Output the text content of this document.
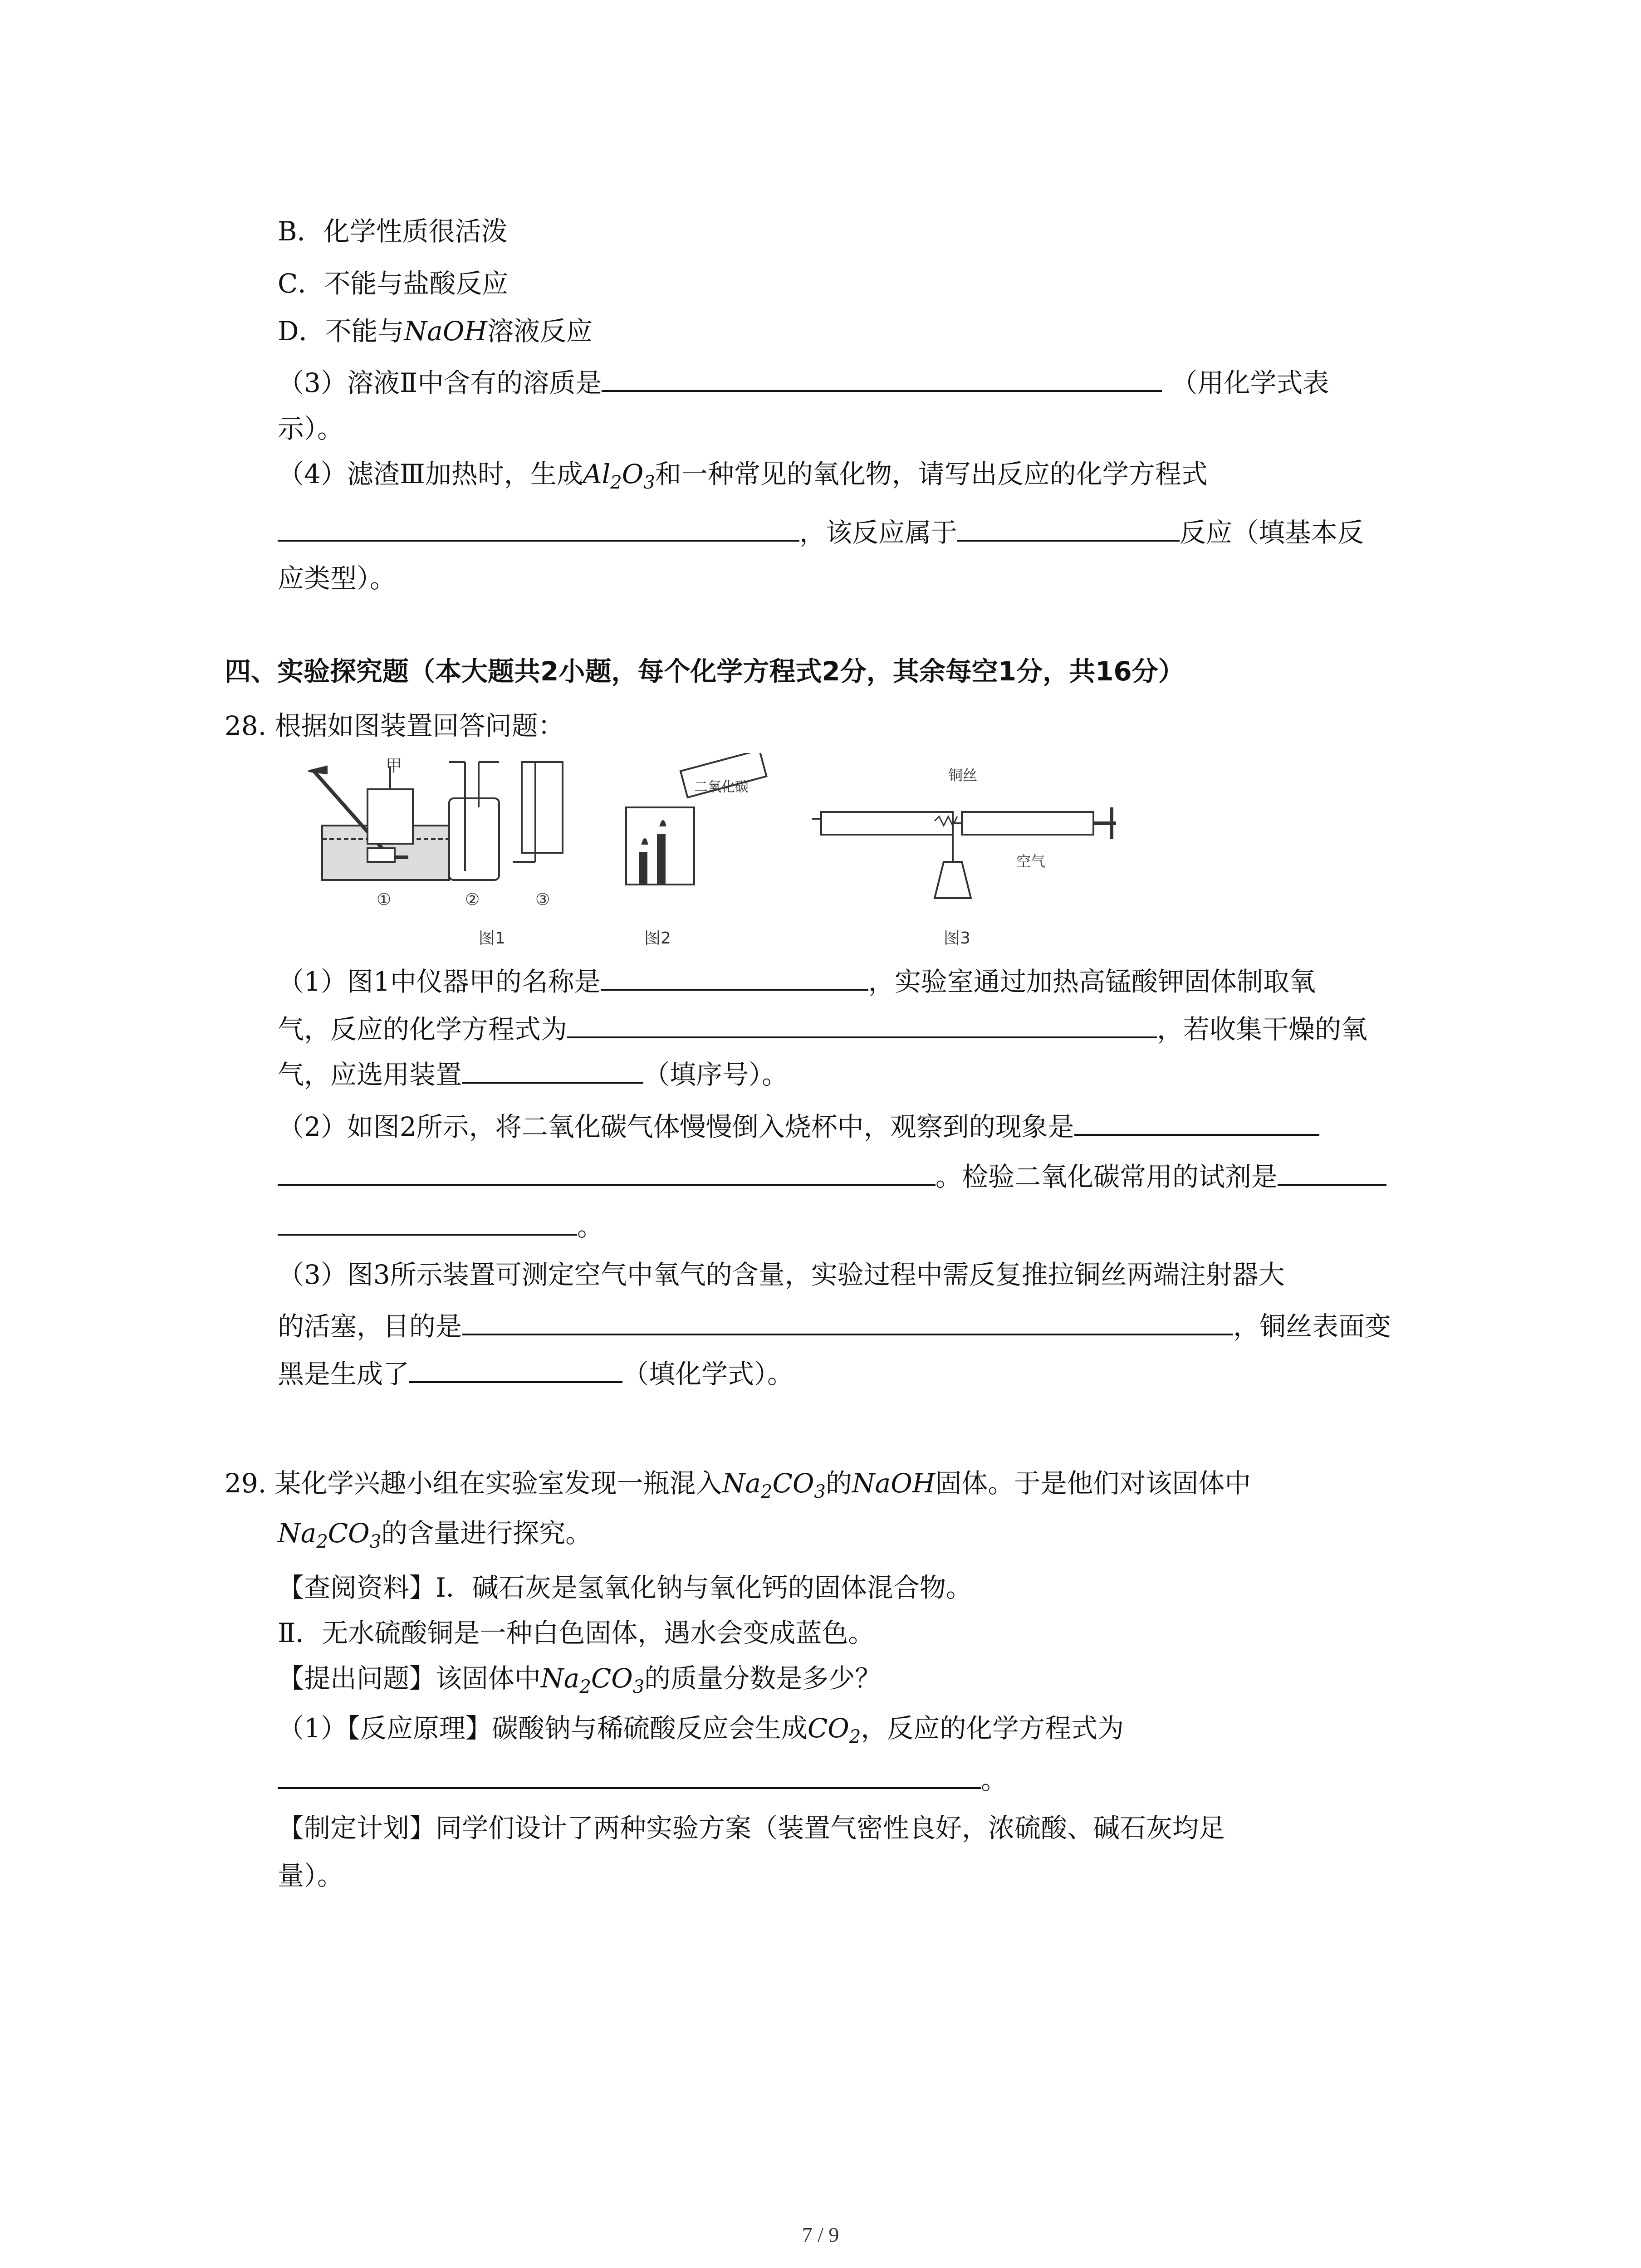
B．化学性质很活泼
C．不能与盐酸反应
D．不能与NaOH溶液反应
（3）溶液Ⅱ中含有的溶质是	（用化学式表
示）。
（4）滤渣Ⅲ加热时，生成$Al_2O_3$和一种常见的氧化物，请写出反应的化学方程式
，该反应属于	反应（填基本反
应类型）。
四、实验探究题（本大题共2小题，每个化学方程式2分，其余每空1分，共16分）
28. 根据如图装置回答问题：
甲
①	②	③
图1
二氧化碳
图2
铜丝
空气
图3
（1）图1中仪器甲的名称是	，实验室通过加热高锰酸钾固体制取氧
气，反应的化学方程式为	，若收集干燥的氧
气，应选用装置	（填序号）。
（2）如图2所示，将二氧化碳气体慢慢倒入烧杯中，观察到的现象是
。检验二氧化碳常用的试剂是
。
（3）图3所示装置可测定空气中氧气的含量，实验过程中需反复推拉铜丝两端注射器大
的活塞，目的是	，铜丝表面变
黑是生成了	（填化学式）。
29. 某化学兴趣小组在实验室发现一瓶混入$Na_2CO_3$的NaOH固体。于是他们对该固体中
$Na_2CO_3$的含量进行探究。
【查阅资料】Ⅰ．碱石灰是氢氧化钠与氧化钙的固体混合物。
Ⅱ．无水硫酸铜是一种白色固体，遇水会变成蓝色。
【提出问题】该固体中$Na_2CO_3$的质量分数是多少？
（1）【反应原理】碳酸钠与稀硫酸反应会生成$CO_2$，反应的化学方程式为
。
【制定计划】同学们设计了两种实验方案（装置气密性良好，浓硫酸、碱石灰均足
量）。
7 / 9
